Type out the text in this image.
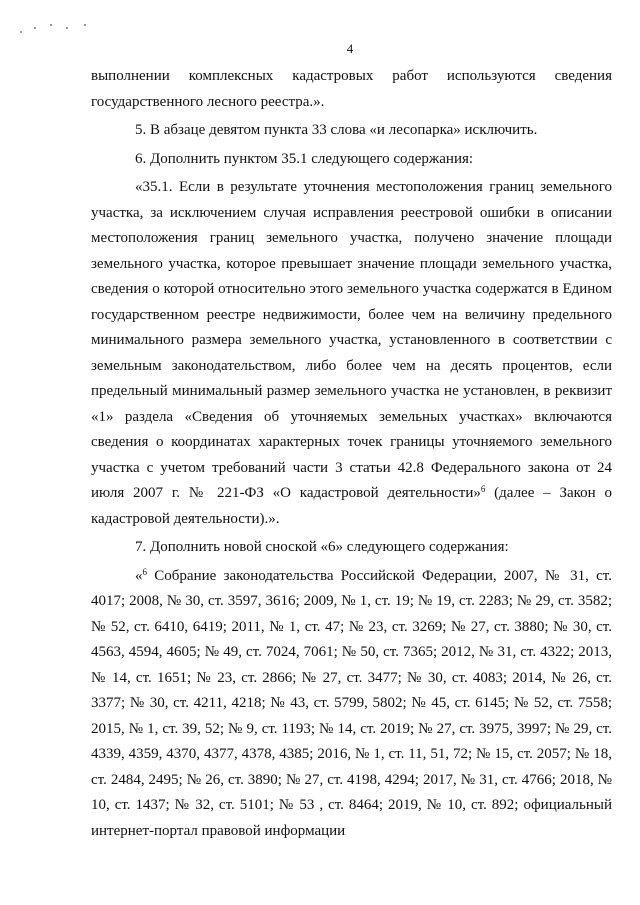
4

выполнении комплексных кадастровых работ используются сведения государственного лесного реестра.».

5. В абзаце девятом пункта 33 слова «и лесопарка» исключить.

6. Дополнить пунктом 35.1 следующего содержания:

«35.1. Если в результате уточнения местоположения границ земельного участка, за исключением случая исправления реестровой ошибки в описании местоположения границ земельного участка, получено значение площади земельного участка, которое превышает значение площади земельного участка, сведения о которой относительно этого земельного участка содержатся в Едином государственном реестре недвижимости, более чем на величину предельного минимального размера земельного участка, установленного в соответствии с земельным законодательством, либо более чем на десять процентов, если предельный минимальный размер земельного участка не установлен, в реквизит «1» раздела «Сведения об уточняемых земельных участках» включаются сведения о координатах характерных точек границы уточняемого земельного участка с учетом требований части 3 статьи 42.8 Федерального закона от 24 июля 2007 г. № 221-ФЗ «О кадастровой деятельности»$^6$ (далее – Закон о кадастровой деятельности).».

7. Дополнить новой сноской «6» следующего содержания:

«$^6$ Собрание законодательства Российской Федерации, 2007, № 31, ст. 4017; 2008, № 30, ст. 3597, 3616; 2009, № 1, ст. 19; № 19, ст. 2283; № 29, ст. 3582; № 52, ст. 6410, 6419; 2011, № 1, ст. 47; № 23, ст. 3269; № 27, ст. 3880; № 30, ст. 4563, 4594, 4605; № 49, ст. 7024, 7061; № 50, ст. 7365; 2012, № 31, ст. 4322; 2013, № 14, ст. 1651; № 23, ст. 2866; № 27, ст. 3477; № 30, ст. 4083; 2014, № 26, ст. 3377; № 30, ст. 4211, 4218; № 43, ст. 5799, 5802; № 45, ст. 6145; № 52, ст. 7558; 2015, № 1, ст. 39, 52; № 9, ст. 1193; № 14, ст. 2019; № 27, ст. 3975, 3997; № 29, ст. 4339, 4359, 4370, 4377, 4378, 4385; 2016, № 1, ст. 11, 51, 72; № 15, ст. 2057; № 18, ст. 2484, 2495; № 26, ст. 3890; № 27, ст. 4198, 4294; 2017, № 31, ст. 4766; 2018, № 10, ст. 1437; № 32, ст. 5101; № 53 , ст. 8464; 2019, № 10, ст. 892; официальный интернет-портал правовой информации
